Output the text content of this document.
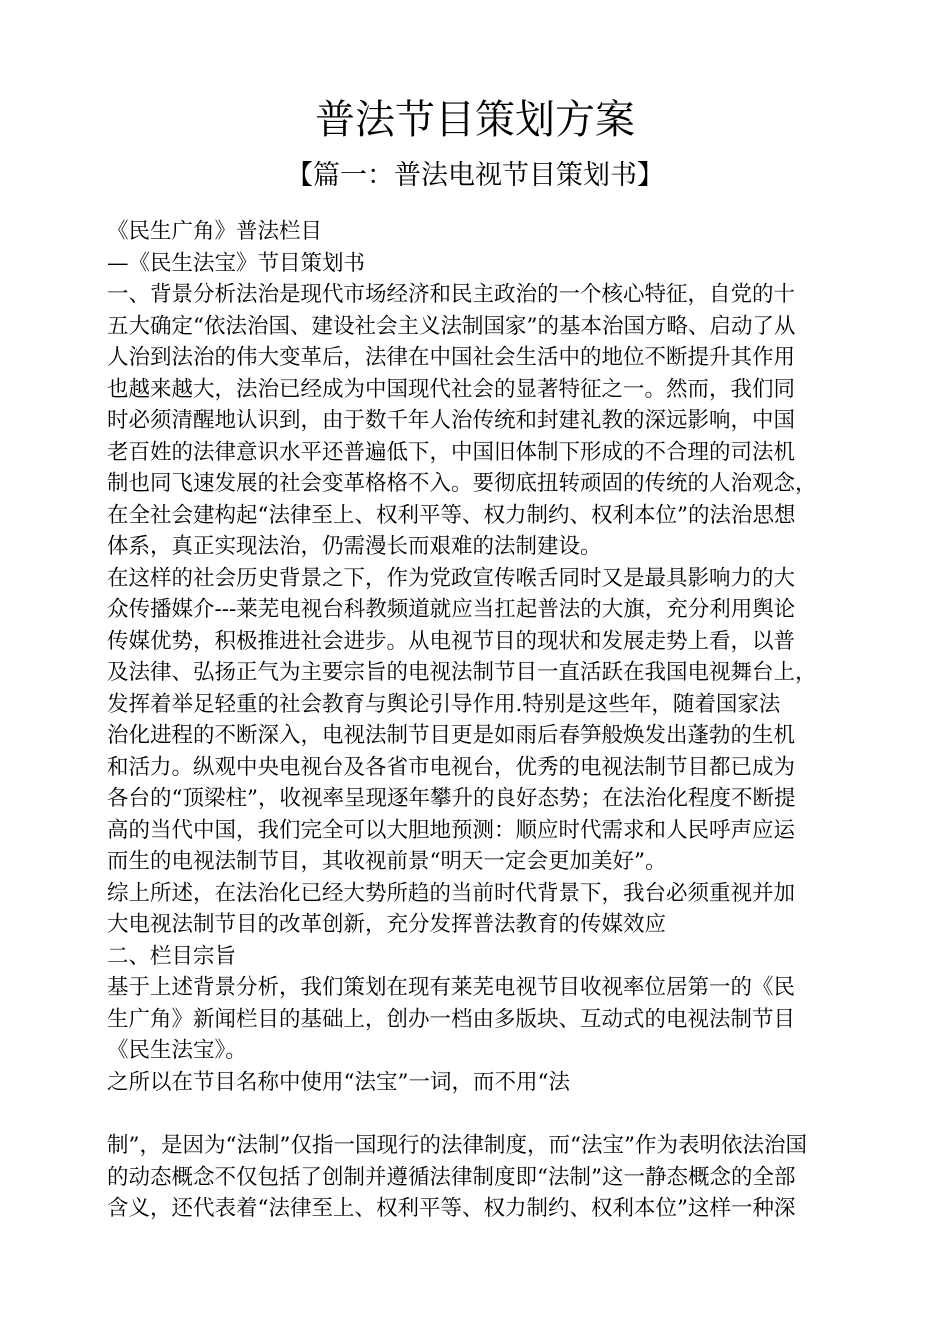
普法节目策划方案
【篇一：普法电视节目策划书】
《民生广角》普法栏目
—《民生法宝》节目策划书
一、背景分析法治是现代市场经济和民主政治的一个核心特征，自党的十
五大确定“依法治国、建设社会主义法制国家”的基本治国方略、启动了从
人治到法治的伟大变革后，法律在中国社会生活中的地位不断提升其作用
也越来越大，法治已经成为中国现代社会的显著特征之一。然而，我们同
时必须清醒地认识到，由于数千年人治传统和封建礼教的深远影响，中国
老百姓的法律意识水平还普遍低下，中国旧体制下形成的不合理的司法机
制也同飞速发展的社会变革格格不入。要彻底扭转顽固的传统的人治观念，
在全社会建构起“法律至上、权利平等、权力制约、权利本位”的法治思想
体系，真正实现法治，仍需漫长而艰难的法制建设。
在这样的社会历史背景之下，作为党政宣传喉舌同时又是最具影响力的大
众传播媒介---莱芜电视台科教频道就应当扛起普法的大旗，充分利用舆论
传媒优势，积极推进社会进步。从电视节目的现状和发展走势上看，以普
及法律、弘扬正气为主要宗旨的电视法制节目一直活跃在我国电视舞台上，
发挥着举足轻重的社会教育与舆论引导作用.特别是这些年，随着国家法
治化进程的不断深入，电视法制节目更是如雨后春笋般焕发出蓬勃的生机
和活力。纵观中央电视台及各省市电视台，优秀的电视法制节目都已成为
各台的“顶梁柱”，收视率呈现逐年攀升的良好态势；在法治化程度不断提
高的当代中国，我们完全可以大胆地预测：顺应时代需求和人民呼声应运
而生的电视法制节目，其收视前景“明天一定会更加美好”。
综上所述，在法治化已经大势所趋的当前时代背景下，我台必须重视并加
大电视法制节目的改革创新，充分发挥普法教育的传媒效应
二、栏目宗旨
基于上述背景分析，我们策划在现有莱芜电视节目收视率位居第一的《民
生广角》新闻栏目的基础上，创办一档由多版块、互动式的电视法制节目
《民生法宝》。
之所以在节目名称中使用“法宝”一词，而不用“法
制”，是因为“法制”仅指一国现行的法律制度，而“法宝”作为表明依法治国
的动态概念不仅包括了创制并遵循法律制度即“法制”这一静态概念的全部
含义，还代表着“法律至上、权利平等、权力制约、权利本位”这样一种深
